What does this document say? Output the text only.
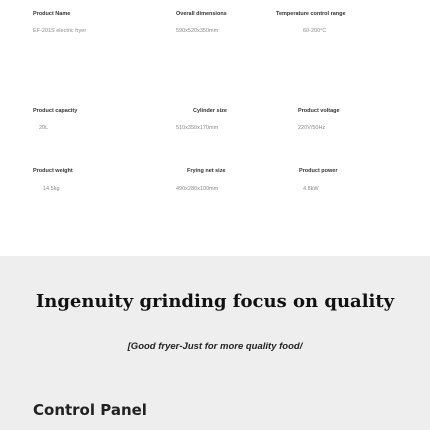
Product Name
EF-201S electric fryer
Overall dimensions
590x520x350mm
Temperature control range
60-200°C
Product capacity
20L
Cylinder size
510x350x170mm
Product voltage
220V/50Hz
Product weight
14.5kg
Frying net size
490x280x100mm
Product power
4.8kW
Ingenuity grinding focus on quality
[Good fryer-Just for more quality food/
Control Panel
